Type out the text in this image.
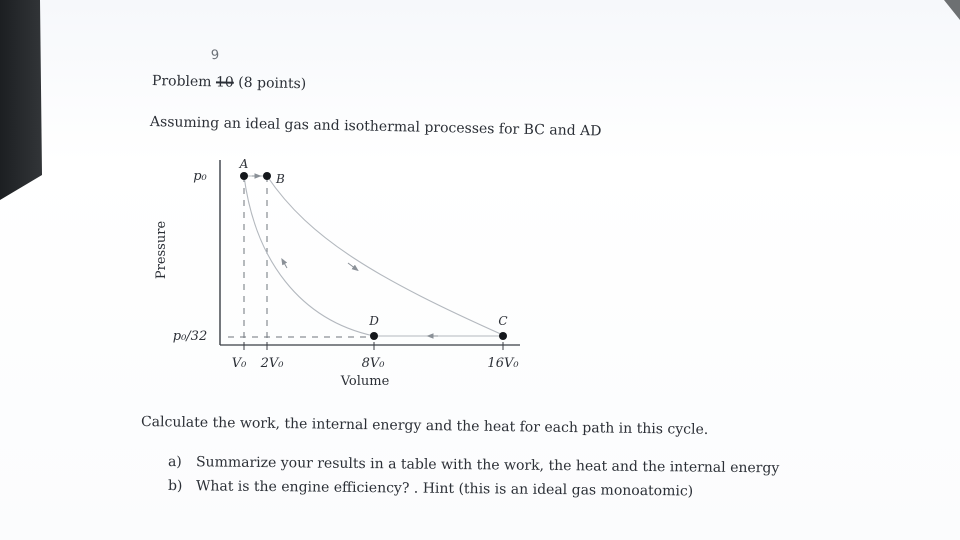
9
Problem 10 (8 points)
Assuming an ideal gas and isothermal processes for BC and AD
A
B
C
D
p₀
p₀/32
V₀ 2V₀	8V₀	16V₀
Volume
Pressure
Calculate the work, the internal energy and the heat for each path in this cycle.
a) Summarize your results in a table with the work, the heat and the internal energy
b) What is the engine efficiency? . Hint (this is an ideal gas monoatomic)
